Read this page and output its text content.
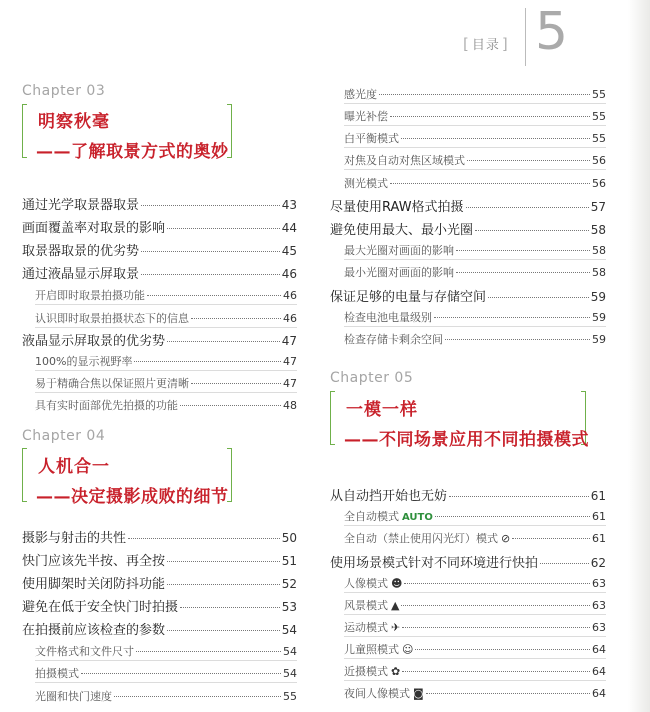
[ 目录 ] 5
Chapter 03
明察秋毫
——了解取景方式的奥妙
通过光学取景器取景	43
画面覆盖率对取景的影响	44
取景器取景的优劣势	45
通过液晶显示屏取景	46
开启即时取景拍摄功能	46
认识即时取景拍摄状态下的信息	46
液晶显示屏取景的优劣势	47
100%的显示视野率	47
易于精确合焦以保证照片更清晰	47
具有实时面部优先拍摄的功能	48
Chapter 04
人机合一
——决定摄影成败的细节
摄影与射击的共性	50
快门应该先半按、再全按	51
使用脚架时关闭防抖功能	52
避免在低于安全快门时拍摄	53
在拍摄前应该检查的参数	54
文件格式和文件尺寸	54
拍摄模式	54
光圈和快门速度	55
感光度	55
曝光补偿	55
白平衡模式	55
对焦及自动对焦区域模式	56
测光模式	56
尽量使用RAW格式拍摄	57
避免使用最大、最小光圈	58
最大光圈对画面的影响	58
最小光圈对画面的影响	58
保证足够的电量与存储空间	59
检查电池电量级别	59
检查存储卡剩余空间	59
Chapter 05
一模一样
——不同场景应用不同拍摄模式
从自动挡开始也无妨	61
全自动模式 AUTO	61
全自动（禁止使用闪光灯）模式 ⊘	61
使用场景模式针对不同环境进行快拍	62
人像模式 ☻	63
风景模式 ▲	63
运动模式 ✈	63
儿童照模式 ☺	64
近摄模式 ✿	64
夜间人像模式 ◙	64
